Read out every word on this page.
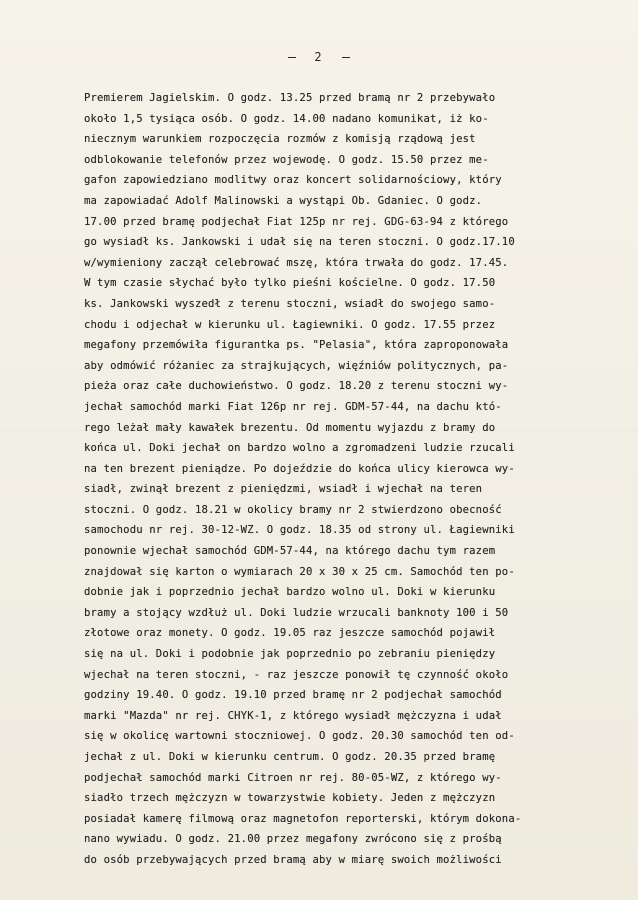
2
Premierem Jagielskim. O godz. 13.25 przed bramą nr 2 przebywało
około 1,5 tysiąca osób. O godz. 14.00 nadano komunikat, iż ko-
niecznym warunkiem rozpoczęcia rozmów z komisją rządową jest
odblokowanie telefonów przez wojewodę. O godz. 15.50 przez me-
gafon zapowiedziano modlitwy oraz koncert solidarnościowy, który
ma zapowiadać Adolf Malinowski a wystąpi Ob. Gdaniec. O godz.
17.00 przed bramę podjechał Fiat 125p nr rej. GDG-63-94 z którego
go wysiadł ks. Jankowski i udał się na teren stoczni. O godz.17.10
w/wymieniony zaczął celebrować mszę, która trwała do godz. 17.45.
W tym czasie słychać było tylko pieśni kościelne. O godz. 17.50
ks. Jankowski wyszedł z terenu stoczni, wsiadł do swojego samo-
chodu i odjechał w kierunku ul. Łagiewniki. O godz. 17.55 przez
megafony przemówiła figurantka ps. "Pelasia", która zaproponowała
aby odmówić różaniec za strajkujących, więźniów politycznych, pa-
pieża oraz całe duchowieństwo. O godz. 18.20 z terenu stoczni wy-
jechał samochód marki Fiat 126p nr rej. GDM-57-44, na dachu któ-
rego leżał mały kawałek brezentu. Od momentu wyjazdu z bramy do
końca ul. Doki jechał on bardzo wolno a zgromadzeni ludzie rzucali
na ten brezent pieniądze. Po dojeździe do końca ulicy kierowca wy-
siadł, zwinął brezent z pieniędzmi, wsiadł i wjechał na teren
stoczni. O godz. 18.21 w okolicy bramy nr 2 stwierdzono obecność
samochodu nr rej. 30-12-WZ. O godz. 18.35 od strony ul. Łagiewniki
ponownie wjechał samochód GDM-57-44, na którego dachu tym razem
znajdował się karton o wymiarach 20 x 30 x 25 cm. Samochód ten po-
dobnie jak i poprzednio jechał bardzo wolno ul. Doki w kierunku
bramy a stojący wzdłuż ul. Doki ludzie wrzucali banknoty 100 i 50
złotowe oraz monety. O godz. 19.05 raz jeszcze samochód pojawił
się na ul. Doki i podobnie jak poprzednio po zebraniu pieniędzy
wjechał na teren stoczni, - raz jeszcze ponowił tę czynność około
godziny 19.40. O godz. 19.10 przed bramę nr 2 podjechał samochód
marki "Mazda" nr rej. CHYK-1, z którego wysiadł mężczyzna i udał
się w okolicę wartowni stoczniowej. O godz. 20.30 samochód ten od-
jechał z ul. Doki w kierunku centrum. O godz. 20.35 przed bramę
podjechał samochód marki Citroen nr rej. 80-05-WZ, z którego wy-
siadło trzech mężczyzn w towarzystwie kobiety. Jeden z mężczyzn
posiadał kamerę filmową oraz magnetofon reporterski, którym dokona-
nano wywiadu. O godz. 21.00 przez megafony zwrócono się z prośbą
do osób przebywających przed bramą aby w miarę swoich możliwości
